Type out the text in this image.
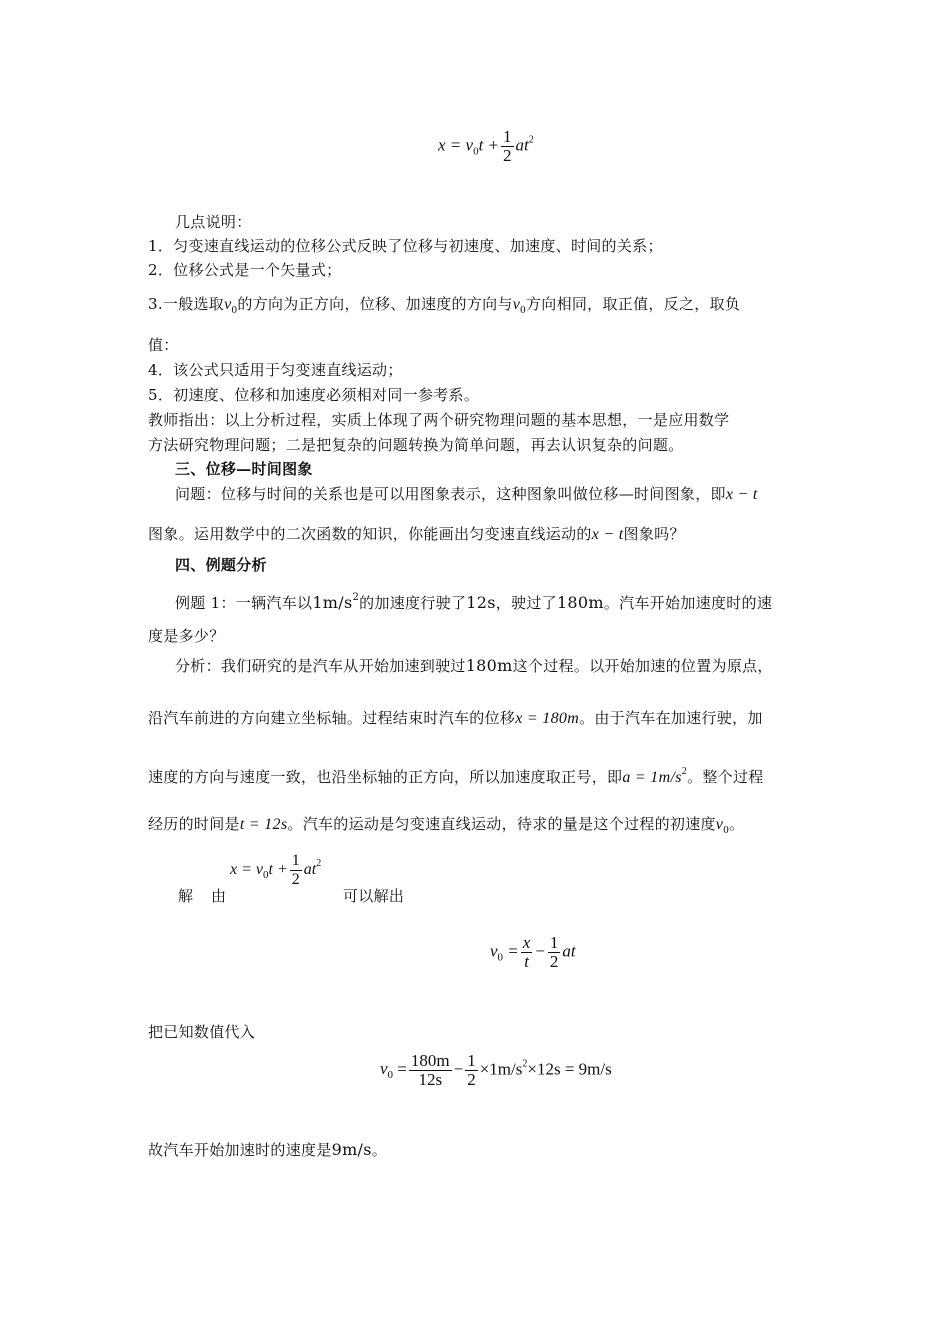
$x = v_0t + \frac{1}{2} at^2$
几点说明：
1．匀变速直线运动的位移公式反映了位移与初速度、加速度、时间的关系；
2．位移公式是一个矢量式；
3.一般选取$v_0$的方向为正方向，位移、加速度的方向与$v_0$方向相同，取正值，反之，取负
值：
4．该公式只适用于匀变速直线运动；
5．初速度、位移和加速度必须相对同一参考系。
教师指出：以上分析过程，实质上体现了两个研究物理问题的基本思想，一是应用数学
方法研究物理问题；二是把复杂的问题转换为简单问题，再去认识复杂的问题。
三、位移—时间图象
问题：位移与时间的关系也是可以用图象表示，这种图象叫做位移—时间图象，即x − t
图象。运用数学中的二次函数的知识，你能画出匀变速直线运动的x − t图象吗？
四、例题分析
例题 1：一辆汽车以$1m/s^2$的加速度行驶了12s，驶过了180m。汽车开始加速度时的速
度是多少？
分析：我们研究的是汽车从开始加速到驶过180m这个过程。以开始加速的位置为原点，
沿汽车前进的方向建立坐标轴。过程结束时汽车的位移x = 180m。由于汽车在加速行驶，加
速度的方向与速度一致，也沿坐标轴的正方向，所以加速度取正号，即$a = 1m/s^2$。整个过程
经历的时间是t = 12s。汽车的运动是匀变速直线运动，待求的量是这个过程的初速度$v_0$。
解 由
$x = v_0t + \frac{1}{2} at^2$
可以解出
$v_0 = \frac{x}{t} - \frac{1}{2}$ at
把已知数值代入
$v_0 = \frac{180m}{12s} - \frac{1}{2} \times 1m/s^2\times 12s = 9m/s$
故汽车开始加速时的速度是9m/s。
